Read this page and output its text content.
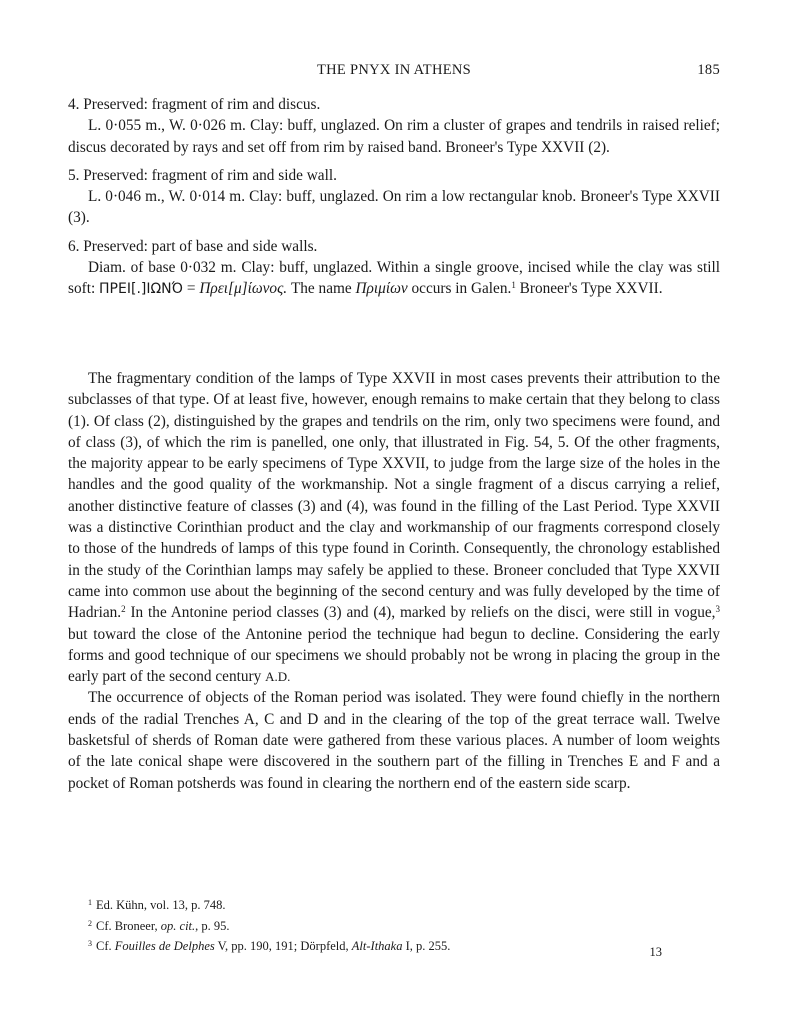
THE PNYX IN ATHENS	185

4. Preserved: fragment of rim and discus.

L. 0·055 m., W. 0·026 m. Clay: buff, unglazed. On rim a cluster of grapes and tendrils in raised relief; discus decorated by rays and set off from rim by raised band. Broneer's Type XXVII (2).

5. Preserved: fragment of rim and side wall.

L. 0·046 m., W. 0·014 m. Clay: buff, unglazed. On rim a low rectangular knob. Broneer's Type XXVII (3).

6. Preserved: part of base and side walls.

Diam. of base 0·032 m. Clay: buff, unglazed. Within a single groove, incised while the clay was still soft: ΠΡΕΙ[.]ΙΩΝΌ = Πρει[μ]ίωνος. The name Πριμίων occurs in Galen.$^1$ Broneer's Type XXVII.

The fragmentary condition of the lamps of Type XXVII in most cases prevents their attribution to the subclasses of that type. Of at least five, however, enough remains to make certain that they belong to class (1). Of class (2), distinguished by the grapes and tendrils on the rim, only two specimens were found, and of class (3), of which the rim is panelled, one only, that illustrated in Fig. 54, 5. Of the other fragments, the majority appear to be early specimens of Type XXVII, to judge from the large size of the holes in the handles and the good quality of the workmanship. Not a single fragment of a discus carrying a relief, another distinctive feature of classes (3) and (4), was found in the filling of the Last Period. Type XXVII was a distinctive Corinthian product and the clay and workmanship of our fragments correspond closely to those of the hundreds of lamps of this type found in Corinth. Consequently, the chronology established in the study of the Corinthian lamps may safely be applied to these. Broneer concluded that Type XXVII came into common use about the beginning of the second century and was fully developed by the time of Hadrian.$^2$ In the Antonine period classes (3) and (4), marked by reliefs on the disci, were still in vogue,$^3$ but toward the close of the Antonine period the technique had begun to decline. Considering the early forms and good technique of our specimens we should probably not be wrong in placing the group in the early part of the second century A.D.

The occurrence of objects of the Roman period was isolated. They were found chiefly in the northern ends of the radial Trenches A, C and D and in the clearing of the top of the great terrace wall. Twelve basketsful of sherds of Roman date were gathered from these various places. A number of loom weights of the late conical shape were discovered in the southern part of the filling in Trenches E and F and a pocket of Roman potsherds was found in clearing the northern end of the eastern side scarp.

$^1$ Ed. Kühn, vol. 13, p. 748.

$^2$ Cf. Broneer, op. cit., p. 95.

$^3$ Cf. Fouilles de Delphes V, pp. 190, 191; Dörpfeld, Alt-Ithaka I, p. 255.	13
